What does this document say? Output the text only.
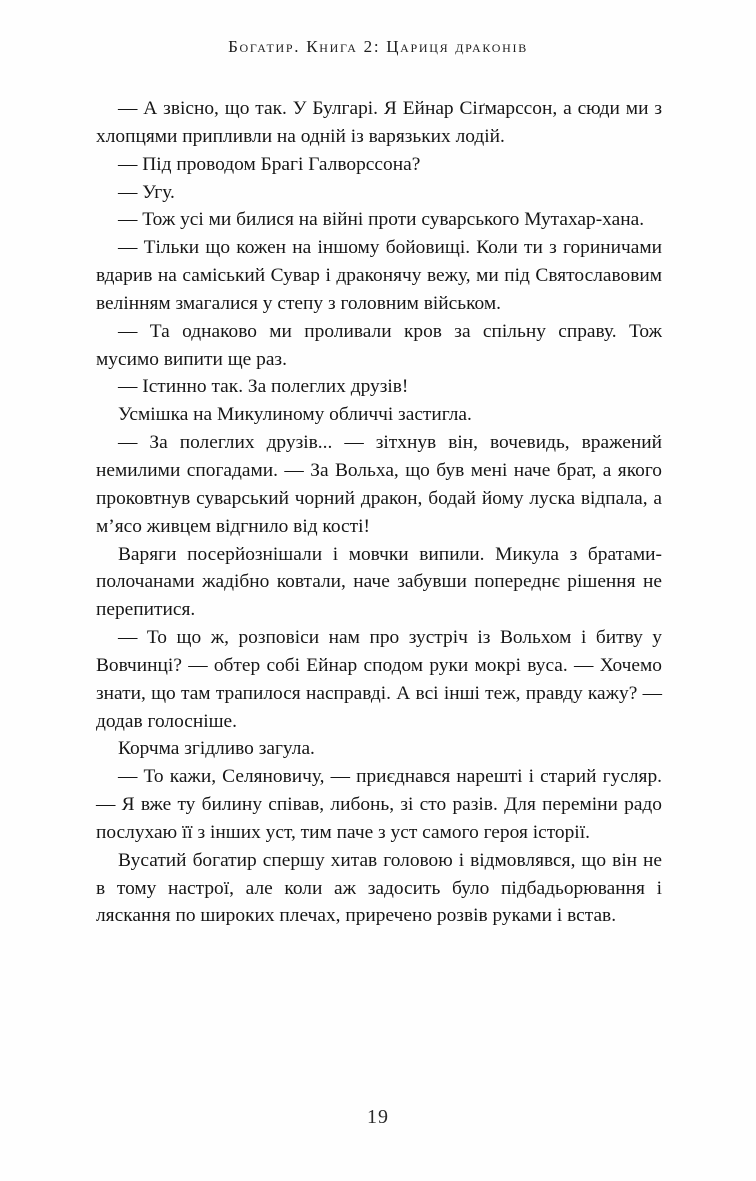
Богатир. Книга 2: Цариця драконів

— А звісно, що так. У Булгарі. Я Ейнар Сіґмарссон, а сюди ми з хлопцями припливли на одній із варязьких лодій.

— Під проводом Брагі Галворссона?

— Угу.

— Тож усі ми билися на війні проти суварського Мутахар-хана.

— Тільки що кожен на іншому бойовищі. Коли ти з гориничами вдарив на саміський Сувар і драконячу вежу, ми під Святославовим велінням змагалися у степу з головним військом.

— Та однаково ми проливали кров за спільну справу. Тож мусимо випити ще раз.

— Істинно так. За полеглих друзів!

Усмішка на Микулиному обличчі застигла.

— За полеглих друзів... — зітхнув він, вочевидь, вражений немилими спогадами. — За Вольха, що був мені наче брат, а якого проковтнув суварський чорний дракон, бодай йому луска відпала, а м’ясо живцем відгнило від кості!

Варяги посерйознішали і мовчки випили. Микула з братами-полочанами жадібно ковтали, наче забувши попереднє рішення не перепитися.

— То що ж, розповіси нам про зустріч із Вольхом і битву у Вовчинці? — обтер собі Ейнар сподом руки мокрі вуса. — Хочемо знати, що там трапилося насправді. А всі інші теж, правду кажу? — додав голосніше.

Корчма згідливо загула.

— То кажи, Селяновичу, — приєднався нарешті і старий гусляр. — Я вже ту билину співав, либонь, зі сто разів. Для переміни радо послухаю її з інших уст, тим паче з уст самого героя історії.

Вусатий богатир спершу хитав головою і відмовлявся, що він не в тому настрої, але коли аж задосить було підбадьорювання і ляскання по широких плечах, приречено розвів руками і встав.

19
